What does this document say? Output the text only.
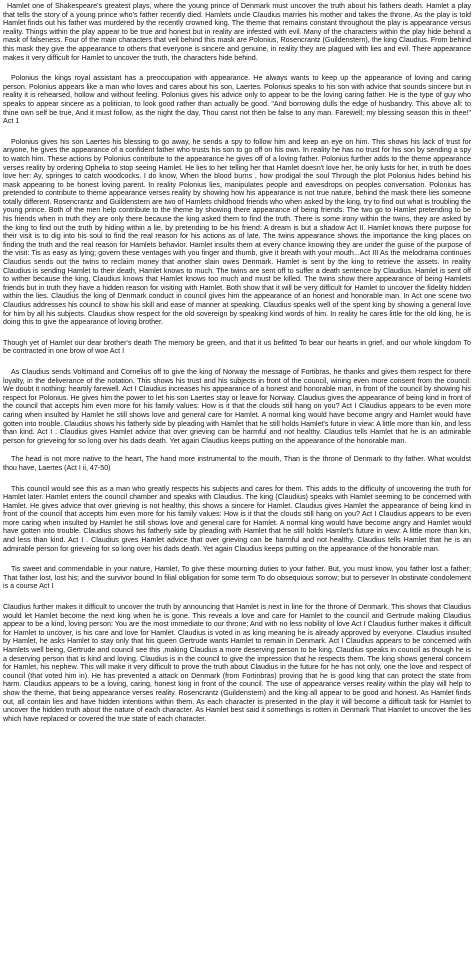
Hamlet one of Shakespeare's greatest plays, where the young prince of Denmark must uncover the truth about his fathers death. Hamlet a play that tells the story of a young prince who's father recently died. Hamlets uncle Claudius marries his mother and takes the throne. As the play is told Hamlet finds out his father was murdered by the recently crowned king. The theme that remains constant throughout the play is appearance versus reality. Things within the play appear to be true and honest but in reality are infested with evil. Many of the characters within the play hide behind a mask of falseness. Four of the main characters that veil behind this mask are Polonius, Rosencrantz (Guildenstern), the king Claudius. From behind this mask they give the appearance to others that everyone is sincere and genuine, in reality they are plagued with lies and evil. There appearance makes it very difficult for Hamlet to uncover the truth, the characters hide behind.

Polonius the kings royal assistant has a preoccupation with appearance. He always wants to keep up the appearance of loving and caring person. Polonius appears like a man who loves and cares about his son, Laertes. Polonius speaks to his son with advice that sounds sincere but in reality it is rehearsed, hollow and without feeling. Polonius gives his advice only to appear to be the loving caring father. He is the type of guy who speaks to appear sincere as a politician, to look good rather than actually be good. "And borrowing dulls the edge of husbandry. This above all: to thine own self be true, And it must follow, as the night the day, Thou canst not then be false to any man. Farewell; my blessing season this in thee!" Act 1

Polonius gives his son Laertes his blessing to go away, he sends a spy to follow him and keep an eye on him. This shows his lack of trust for anyone, he gives the appearance of a confident father who trusts his son to go off on his own. In reality he has no trust for his son by sending a spy to watch him. These actions by Polonius contribute to the appearance he gives off of a loving father. Polonius further adds to the theme appearance verses reality by ordering Ophelia to stop seeing Hamlet. He lies to her telling her that Hamlet doesn't love her, he only lusts for her, in truth he does love her: Ay, springes to catch woodcocks. I do know, When the blood burns , how prodigal the soul Through the plot Polonius hides behind his mask appearing to be honest loving parent. In reality Polonius lies, manipulates people and eavesdrops on peoples conversation. Polonius has pretended to contribute to theme appearance verses reality by showing how his appearance is not true nature, behind the mask there lies someone totally different. Rosencrantz and Guildenstern are two of Hamlets childhood friends who when asked by the king, try to find out what is troubling the young prince. Both of the men help contribute to the theme by showing there appearance of being friends. The two go to Hamlet pretending to be his friends when in truth they are only there because the king asked them to find the truth. There is some irony within the twins, they are asked by the king to find out the truth by hiding within a lie, by pretending to be his friend: A dream is but a shadow Act II. Hamlet knows there purpose for their visit is to dig into his soul to find the real reason for his actions as of late. The twins appearance shows the importance the king places on finding the truth and the real reason for Hamlets behavior. Hamlet insults them at every chance knowing they are under the guise of the purpose of the visit: Tis as easy as lying; govern these ventages with you finger and thumb, give it breath with your mouth...Act III As the melodrama continues Claudius sends out the twins to reclaim money that another slain owes Denmark. Hamlet is sent by the king to retrieve the assets. In reality Claudius is sending Hamlet to their death, Hamlet knows to much. The twins are sent off to suffer a death sentence by Claudius. Hamlet is sent off to wither because the king, Claudius knows that Hamlet knows too much and must be killed. The twins show there appearance of being Hamlets friends but in truth they have a hidden reason for visiting with Hamlet. Both show that it will be very difficult for Hamlet to uncover the fidelity hidden within the lies. Claudius the king of Denmark conduct in council gives him the appearance of an honest and honorable man. In Act one scene two Claudius addresses his council to show his skill and ease of manner at speaking. Claudius speaks well of the spent king by showing a general love for him by all his subjects. Claudius show respect for the old sovereign by speaking kind words of him. In reality he cares little for the old king, he is doing this to give the appearance of loving brother.

Though yet of Hamlet our dear brother's death The memory be green, and that it us befitted To bear our hearts in grief, and our whole kingdom To be contracted in one brow of woe Act I

As Claudius sends Voltimand and Cornelius off to give the king of Norway the message of Fortibras, he thanks and gives them respect for there loyalty, in the deliverance of the notation. This shows his trust and his subjects in front of the council, wining even more consent from the council: We doubt it nothing: heartily farewell. Act I Claudius increases his appearance of a honest and honorable man, in front of the council by showing his respect for Polonius. He gives him the power to let his son Laertes stay or leave for Norway. Claudius gives the appearance of being kind in front of the council that accepts him even more for his family values: How is it that the clouds still hang on you? Act I Claudius appears to be even more caring when insulted by Hamlet he still shows love and general care for Hamlet. A normal king would have become angry and Hamlet would have gotten into trouble. Claudius shows his fatherly side by pleading with Hamlet that he still holds Hamlet's future in view: A little more than kin, and less than kind. Act I . Claudius gives Hamlet advice that over grieving can be harmful and not healthy. Claudius tells Hamlet that he is an admirable person for grieveing for so long over his dads death. Yet again Claudius keeps putting on the appearance of the honorable man.

The head is not more native to the heart, The hand more instrumental to the mouth, Than is the throne of Denmark to thy father. What wouldst thou have, Laertes (Act I ii, 47-50)

This council would see this as a man who greatly respects his subjects and cares for them. This adds to the difficulty of uncovering the truth for Hamlet later. Hamlet enters the council chamber and speaks with Claudius. The king (Claudius) speaks with Hamlet seeming to be concerned with Hamlet. He gives advice that over grieving is not healthy, this shows a sincere for Hamlet. Claudius gives Hamlet the appearance of being kind in front of the council that accepts him even more for his family values: How is it that the clouds still hang on you? Act I Claudius appears to be even more caring when insulted by Hamlet he still shows love and general care for Hamlet. A normal king would have become angry and Hamlet would have gotten into trouble. Claudius shows his fatherly side by pleading with Hamlet that he still holds Hamlet's future in view: A little more than kin, and less than kind. Act I . Claudius gives Hamlet advice that over grieving can be harmful and not healthy. Claudius tells Hamlet that he is an admirable person for grieveing for so long over his dads death. Yet again Claudius keeps putting on the appearance of the honorable man.

Tis sweet and commendable in your nature, Hamlet, To give these mourning duties to your father. But, you must know, you father lost a father; That father lost, lost his; and the survivor bound In filial obligation for some term To do obsequious sorrow; but to persever In obstinate condolement is a course Act I

Claudius further makes it difficult to uncover the truth by announcing that Hamlet is next in line for the throne of Denmark. This shows that Claudius would let Hamlet become the next king when he is gone. This reveals a love and care for Hamlet to the council and Gertrude making Claudius appear to be a kind, loving person: You are the most immediate to our throne; And with no less nobility of love Act I Claudius further makes it difficult for Hamlet to uncover, is his care and love for Hamlet. Claudius is voted in as king meaning he is already approved by everyone. Claudius insulted by Hamlet, he asks Hamlet to stay only that his queen Gertrude wants Hamlet to remain in Denmark. Act I Claudius appears to be concerned with Hamlets well being, Gertrude and council see this ,making Claudius a more deserving person to be king. Claudius speaks in council as though he is a deserving person that is kind and loving. Claudius is in the council to give the impression that he respects them. The king shows general concern for Hamlet, his nephew. This will make it very difficult to prove the truth about Claudius in the future for he has not only, one the love and respect of council (that voted him in). He has prevented a attack on Denmark (from Fortinbras) proving that he is good king that can protect the state from harm. Claudius appears to be a loving, caring, honest king in front of the council. The use of appearance verses reality within the play will help to show the theme, that being appearance verses reality. Rosencrantz (Guildenstern) and the king all appear to be good and honest. As Hamlet finds out, all contain lies and have hidden intentions within them. As each character is presented in the play it will become a difficult task for Hamlet to uncover the hidden truth about the nature of each character. As Hamlet best said it somethings is rotten in Denmark That Hamlet to uncover the lies which have replaced or covered the true state of each character.
